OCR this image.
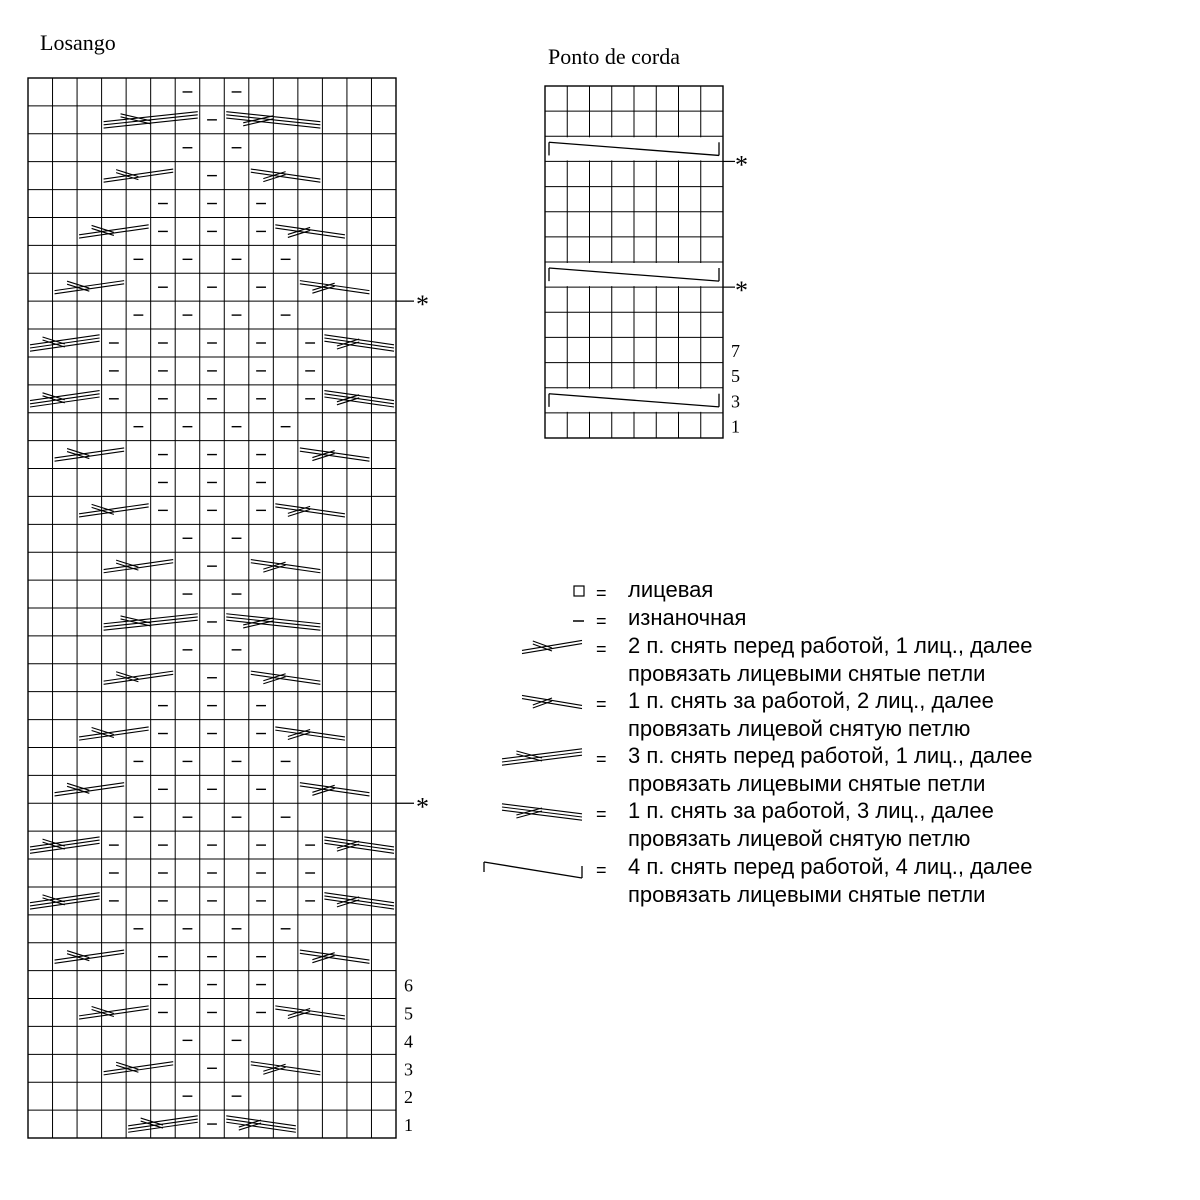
Losango
Ponto de corda
*
*
1
2
3
4
5
6
*
*
1
3
5
7
= лицевая
= изнаночная
= 2 п. снять перед работой, 1 лиц., далее
провязать лицевыми снятые петли
= 1 п. снять за работой, 2 лиц., далее
провязать лицевой снятую петлю
= 3 п. снять перед работой, 1 лиц., далее
провязать лицевыми снятые петли
= 1 п. снять за работой, 3 лиц., далее
провязать лицевой снятую петлю
= 4 п. снять перед работой, 4 лиц., далее
провязать лицевыми снятые петли
